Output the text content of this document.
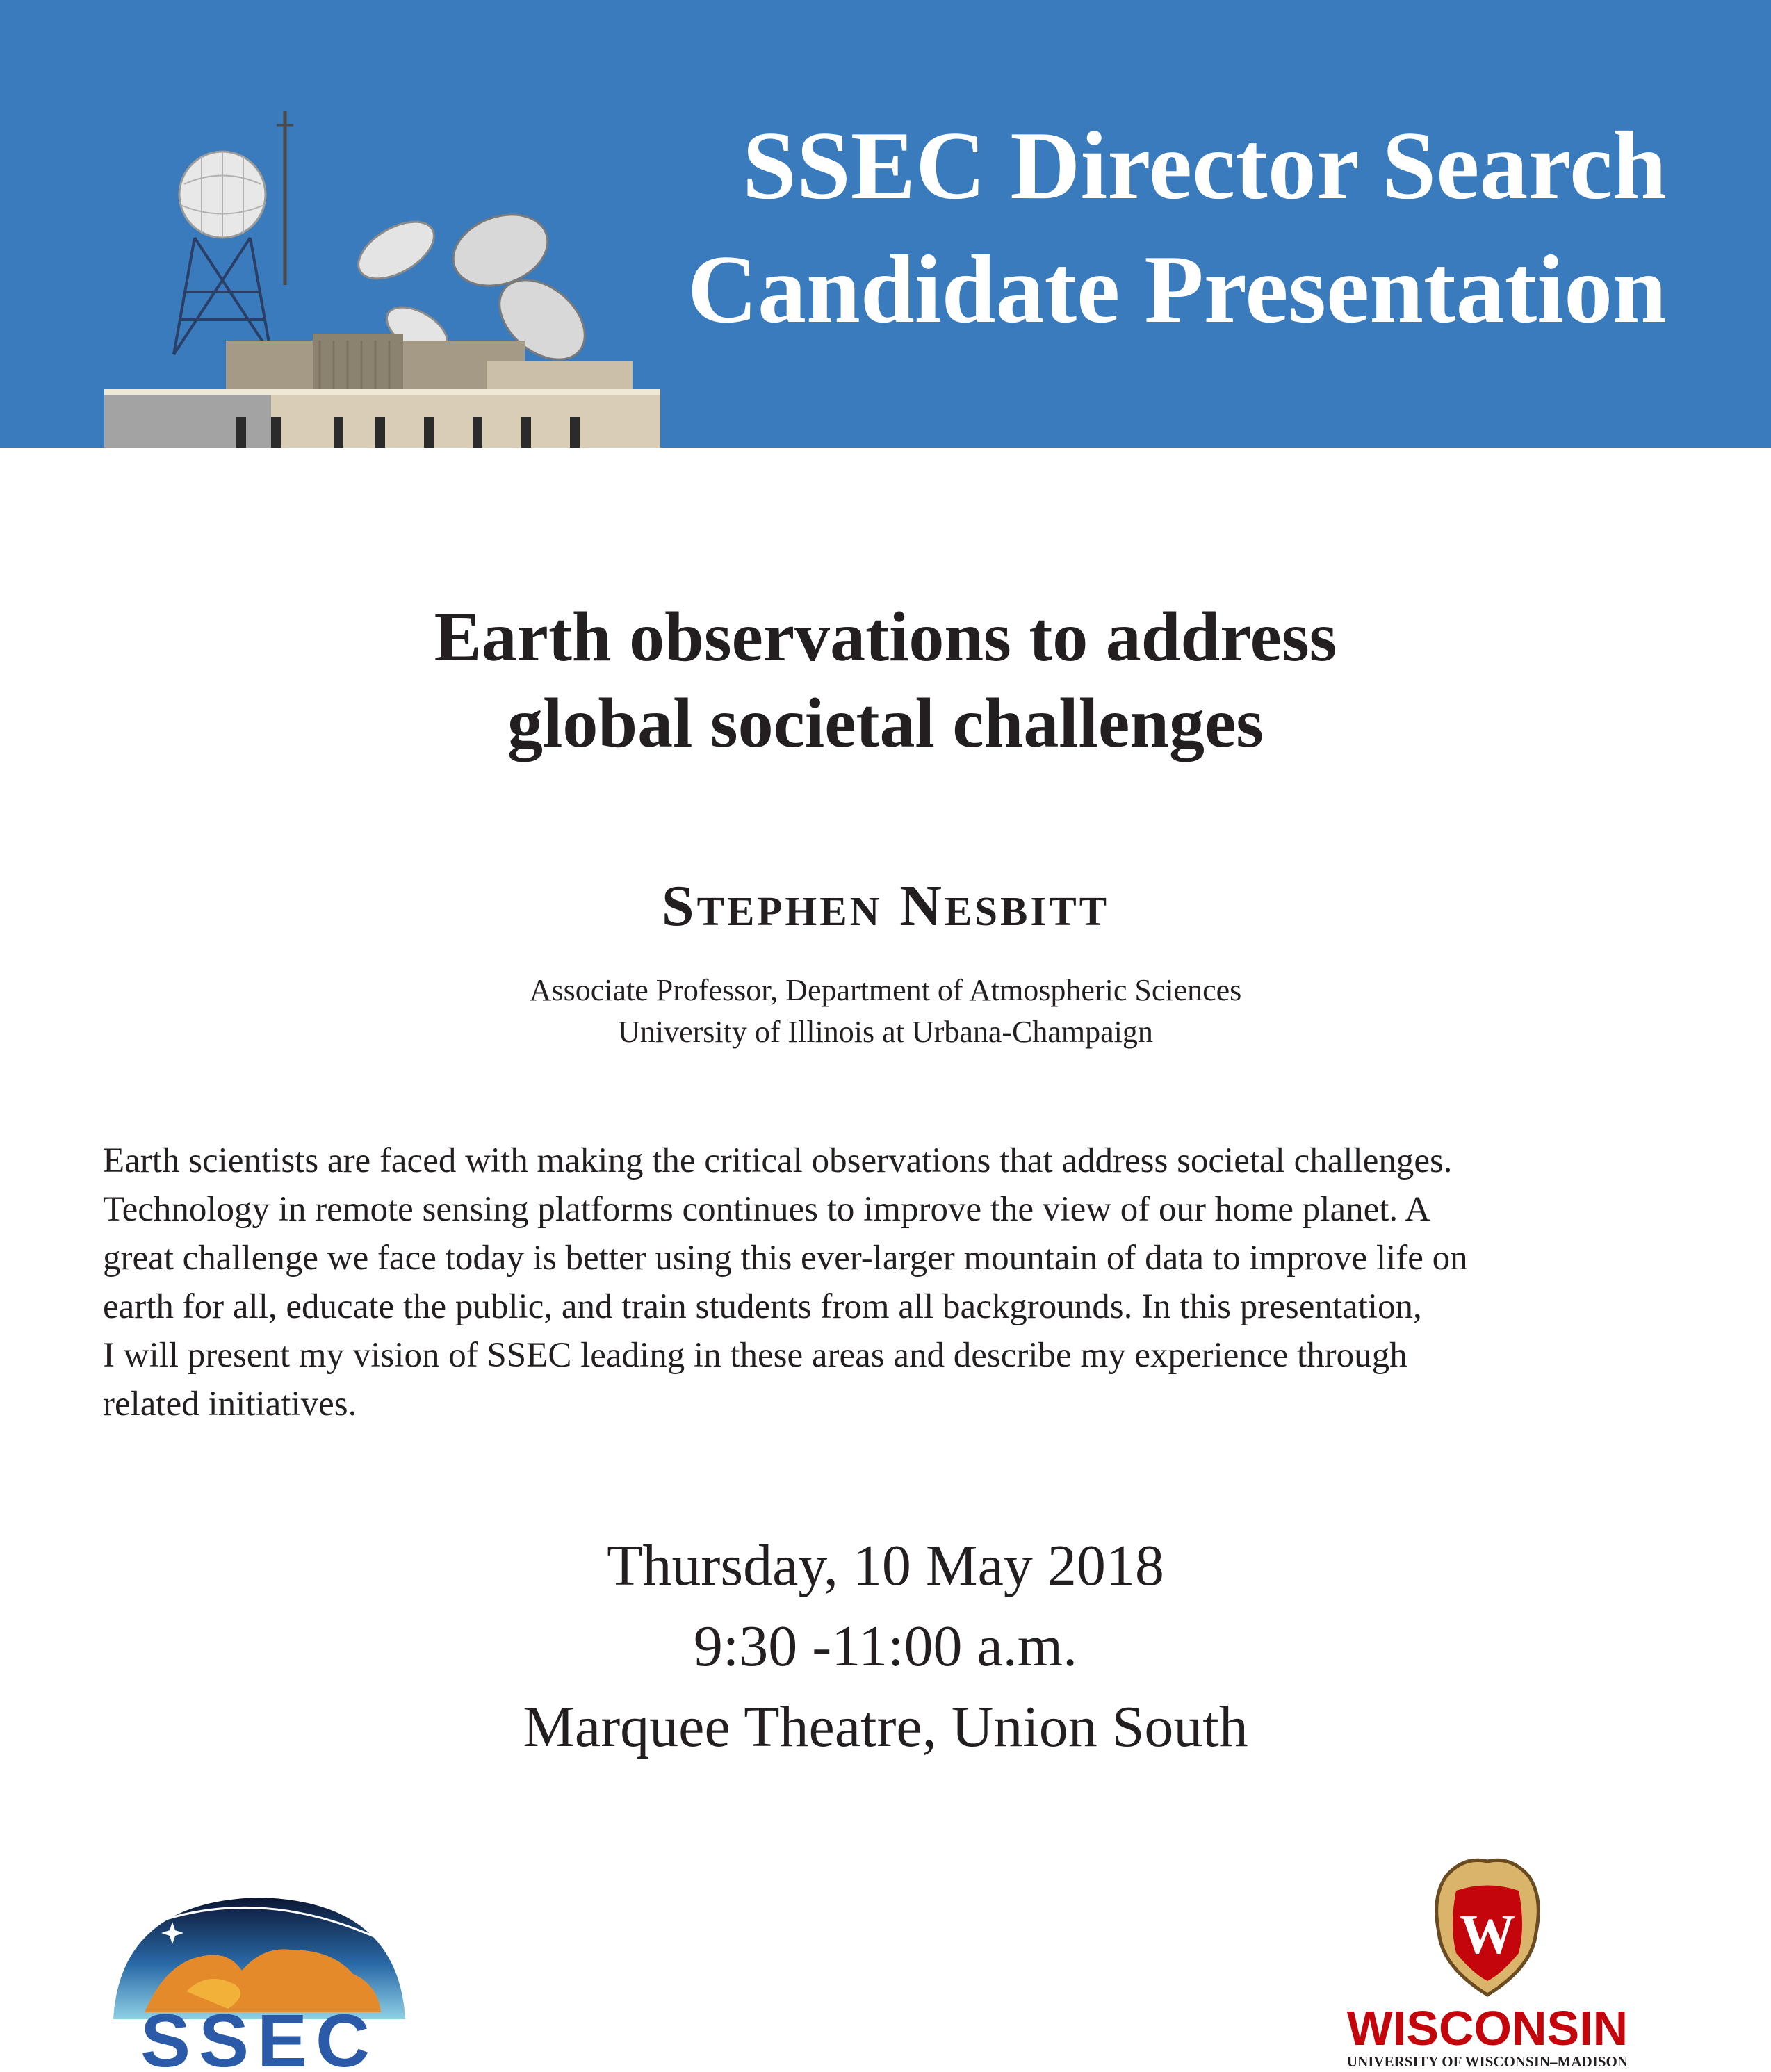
SSEC Director Search
Candidate Presentation
Earth observations to address
global societal challenges
Stephen Nesbitt
Associate Professor, Department of Atmospheric Sciences
University of Illinois at Urbana-Champaign
Earth scientists are faced with making the critical observations that address societal challenges.
Technology in remote sensing platforms continues to improve the view of our home planet. A
great challenge we face today is better using this ever-larger mountain of data to improve life on
earth for all, educate the public, and train students from all backgrounds. In this presentation,
I will present my vision of SSEC leading in these areas and describe my experience through
related initiatives.
Thursday, 10 May 2018
9:30 -11:00 a.m.
Marquee Theatre, Union South
SSEC
W
WISCONSIN
UNIVERSITY OF WISCONSIN–MADISON
